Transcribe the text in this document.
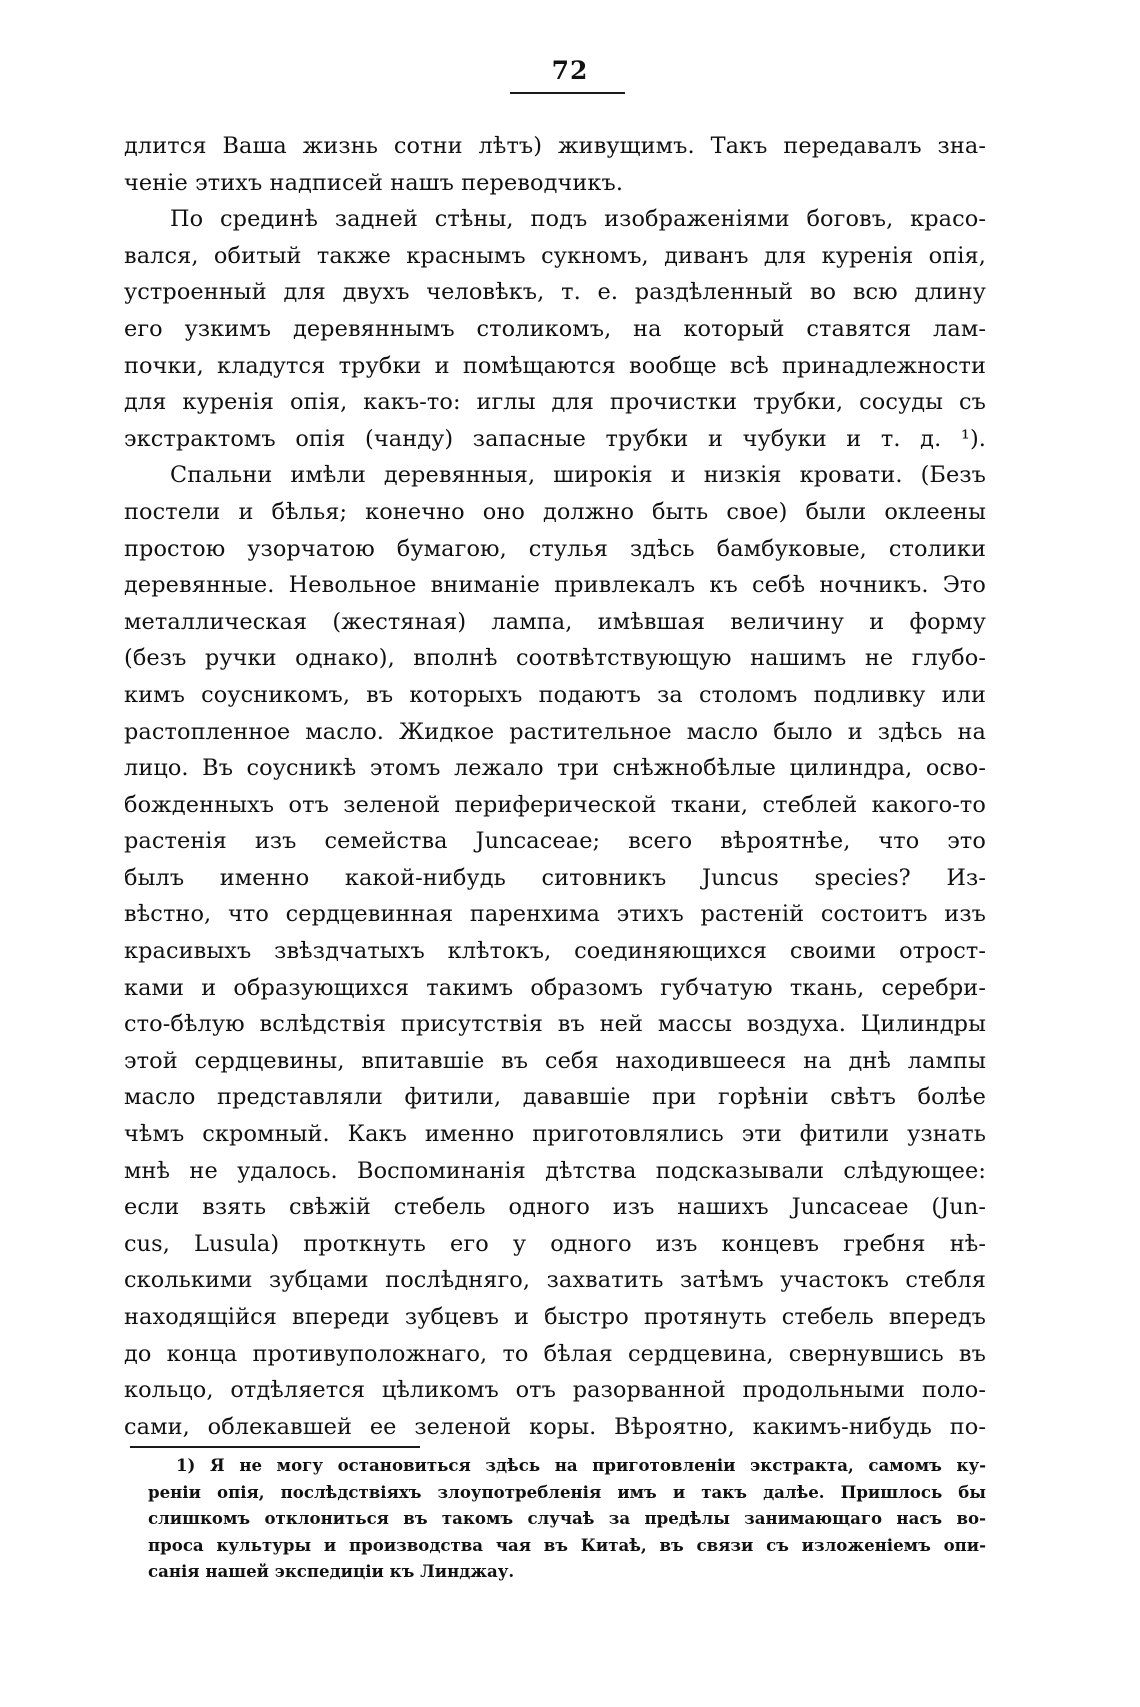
72
длится Ваша жизнь сотни лѣтъ) живущимъ. Такъ передавалъ зна-
ченіе этихъ надписей нашъ переводчикъ.
По срединѣ задней стѣны, подъ изображеніями боговъ, красо-
вался, обитый также краснымъ сукномъ, диванъ для куренія опія,
устроенный для двухъ человѣкъ, т. е. раздѣленный во всю длину
его узкимъ деревяннымъ столикомъ, на который ставятся лам-
почки, кладутся трубки и помѣщаются вообще всѣ принадлежности
для куренія опія, какъ-то: иглы для прочистки трубки, сосуды съ
экстрактомъ опія (чанду) запасные трубки и чубуки и т. д. ¹).
Спальни имѣли деревянныя, широкія и низкія кровати. (Безъ
постели и бѣлья; конечно оно должно быть свое) были оклеены
простою узорчатою бумагою, стулья здѣсь бамбуковые, столики
деревянные. Невольное вниманіе привлекалъ къ себѣ ночникъ. Это
металлическая (жестяная) лампа, имѣвшая величину и форму
(безъ ручки однако), вполнѣ соотвѣтствующую нашимъ не глубо-
кимъ соусникомъ, въ которыхъ подаютъ за столомъ подливку или
растопленное масло. Жидкое растительное масло было и здѣсь на
лицо. Въ соусникѣ этомъ лежало три снѣжнобѣлые цилиндра, осво-
божденныхъ отъ зеленой периферической ткани, стеблей какого-то
растенія изъ семейства Juncaceae; всего вѣроятнѣе, что это
былъ именно какой-нибудь ситовникъ Juncus species? Из-
вѣстно, что сердцевинная паренхима этихъ растеній состоитъ изъ
красивыхъ звѣздчатыхъ клѣтокъ, соединяющихся своими отрост-
ками и образующихся такимъ образомъ губчатую ткань, серебри-
сто-бѣлую вслѣдствія присутствія въ ней массы воздуха. Цилиндры
этой сердцевины, впитавшіе въ себя находившееся на днѣ лампы
масло представляли фитили, дававшіе при горѣніи свѣтъ болѣе
чѣмъ скромный. Какъ именно приготовлялись эти фитили узнать
мнѣ не удалось. Воспоминанія дѣтства подсказывали слѣдующее:
если взять свѣжій стебель одного изъ нашихъ Juncaceae (Jun-
cus, Lusula) проткнуть его у одного изъ концевъ гребня нѣ-
сколькими зубцами послѣдняго, захватить затѣмъ участокъ стебля
находящійся впереди зубцевъ и быстро протянуть стебель впередъ
до конца противуположнаго, то бѣлая сердцевина, свернувшись въ
кольцо, отдѣляется цѣликомъ отъ разорванной продольными поло-
сами, облекавшей ее зеленой коры. Вѣроятно, какимъ-нибудь по-
1) Я не могу остановиться здѣсь на приготовленіи экстракта, самомъ ку-
реніи опія, послѣдствіяхъ злоупотребленія имъ и такъ далѣе. Пришлось бы
слишкомъ отклониться въ такомъ случаѣ за предѣлы занимающаго насъ во-
проса культуры и производства чая въ Китаѣ, въ связи съ изложеніемъ опи-
санія нашей экспедиціи къ Линджау.
